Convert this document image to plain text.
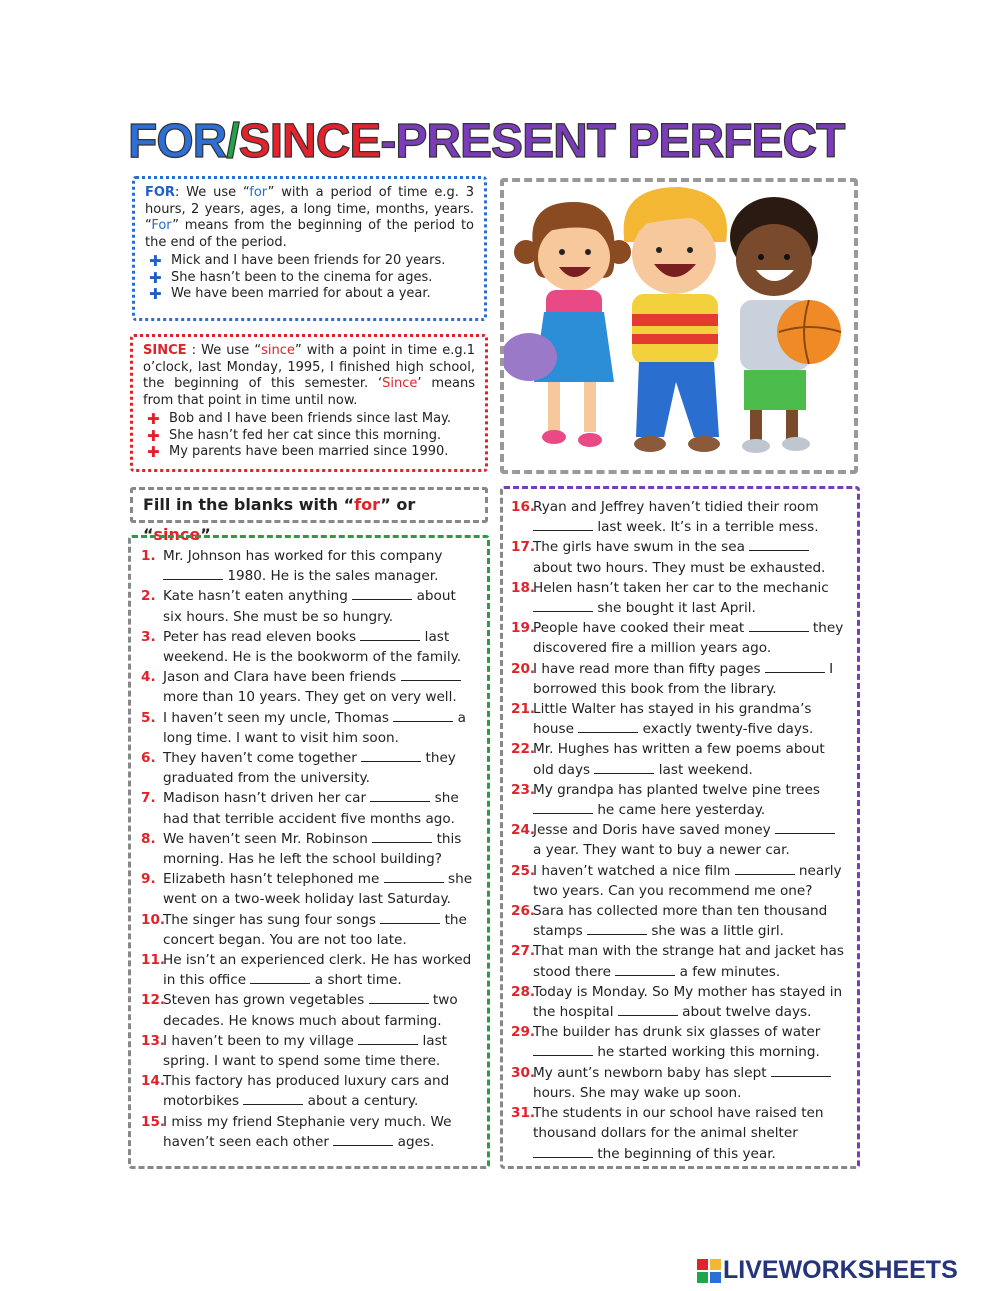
FOR/SINCE-PRESENT PERFECT
FOR: We use “for” with a period of time e.g. 3 hours, 2 years, ages, a long time, months, years. “For” means from the beginning of the period to the end of the period.
✚ Mick and I have been friends for 20 years.
✚ She hasn’t been to the cinema for ages.
✚ We have been married for about a year.
SINCE : We use “since” with a point in time e.g.1 o’clock, last Monday, 1995, I finished high school, the beginning of this semester. ‘Since’ means from that point in time until now.
✚ Bob and I have been friends since last May.
✚ She hasn’t fed her cat since this morning.
✚ My parents have been married since 1990.
Fill in the blanks with “for” or “since”
1. Mr. Johnson has worked for this company  1980. He is the sales manager.
2. Kate hasn’t eaten anything	about six hours. She must be so hungry.
3. Peter has read eleven books	last weekend. He is the bookworm of the family.
4. Jason and Clara have been friends  more than 10 years. They get on very well.
5. I haven’t seen my uncle, Thomas	a long time. I want to visit him soon.
6. They haven’t come together	they graduated from the university.
7. Madison hasn’t driven her car	she had that terrible accident five months ago.
8. We haven’t seen Mr. Robinson	this morning. Has he left the school building?
9. Elizabeth hasn’t telephoned me	she went on a two-week holiday last Saturday.
10.
The singer has sung four songs	the concert began. You are not too late.
11.
He isn’t an experienced clerk. He has worked in this office	a short time.
12.
Steven has grown vegetables	two decades. He knows much about farming.
13.
I haven’t been to my village	last spring. I want to spend some time there.
14.
This factory has produced luxury cars and motorbikes	about a century.
15.
I miss my friend Stephanie very much. We haven’t seen each other	ages.
16.
Ryan and Jeffrey haven’t tidied their room  last week. It’s in a terrible mess.
17.
The girls have swum in the sea  about two hours. They must be exhausted.
18.
Helen hasn’t taken her car to the mechanic  she bought it last April.
19.
People have cooked their meat	they discovered fire a million years ago.
20.
I have read more than fifty pages	I borrowed this book from the library.
21.
Little Walter has stayed in his grandma’s house	exactly twenty-five days.
22.
Mr. Hughes has written a few poems about old days	last weekend.
23.
My grandpa has planted twelve pine trees  he came here yesterday.
24.
Jesse and Doris have saved money  a year. They want to buy a newer car.
25.
I haven’t watched a nice film	nearly two years. Can you recommend me one?
26.
Sara has collected more than ten thousand stamps	she was a little girl.
27.
That man with the strange hat and jacket has stood there	a few minutes.
28.
Today is Monday. So My mother has stayed in the hospital	about twelve days.
29.
The builder has drunk six glasses of water  he started working this morning.
30.
My aunt’s newborn baby has slept  hours. She may wake up soon.
31.
The students in our school have raised ten thousand dollars for the animal shelter  the beginning of this year.
LIVEWORKSHEETS
